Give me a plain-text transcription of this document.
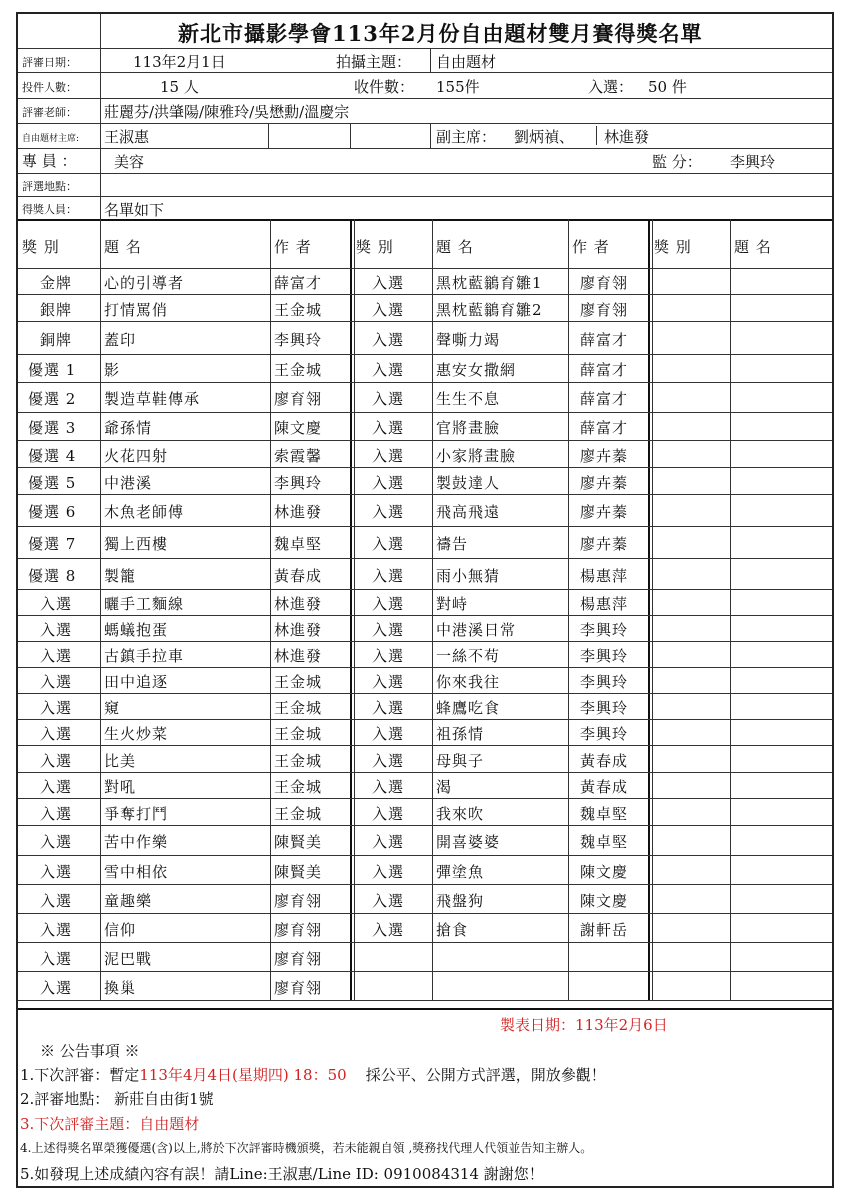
新北市攝影學會113年2月份自由題材雙月賽得獎名單
評審日期：	113年2月1日	拍攝主題： 自由題材
投件人數：	15 人	收件數： 155件	入選： 50 件
評審老師： 莊麗芬/洪肇陽/陳雅玲/吳懋勳/溫慶宗
自由題材主席: 王淑惠	副主席： 劉炳禎、 林進發
專 員 ： 美容	監 分： 李興玲
評選地點：
得獎人員： 名單如下
獎 別	題 名	作 者	獎 別	題 名	作 者	獎 別	題 名
金牌 心的引導者	薛富才	入選 黑枕藍鶲育雛1 廖育翎
銀牌 打情罵俏	王金城	入選 黑枕藍鶲育雛2 廖育翎
銅牌 蓋印	李興玲	入選 聲嘶力竭	薛富才
優選 1 影	王金城	入選 惠安女撒網	薛富才
優選 2 製造草鞋傳承	廖育翎	入選 生生不息	薛富才
優選 3 爺孫情	陳文慶	入選 官將畫臉	薛富才
優選 4 火花四射	索霞馨	入選 小家將畫臉	廖卉蓁
優選 5 中港溪	李興玲	入選 製鼓達人	廖卉蓁
優選 6 木魚老師傅	林進發	入選 飛高飛遠	廖卉蓁
優選 7 獨上西樓	魏卓堅	入選 禱告	廖卉蓁
優選 8 製籠	黃春成	入選 雨小無猜	楊惠萍
入選 曬手工麵線	林進發	入選 對峙	楊惠萍
入選 螞蟻抱蛋	林進發	入選 中港溪日常	李興玲
入選 古鎮手拉車	林進發	入選 一絲不苟	李興玲
入選 田中追逐	王金城	入選 你來我往	李興玲
入選 窺	王金城	入選 蜂鷹吃食	李興玲
入選 生火炒菜	王金城	入選 祖孫情	李興玲
入選 比美	王金城	入選 母與子	黃春成
入選 對吼	王金城	入選 渴	黃春成
入選 爭奪打鬥	王金城	入選 我來吹	魏卓堅
入選 苦中作樂	陳賢美	入選 開喜婆婆	魏卓堅
入選 雪中相依	陳賢美	入選 彈塗魚	陳文慶
入選 童趣樂	廖育翎	入選 飛盤狗	陳文慶
入選 信仰	廖育翎	入選 搶食	謝軒岳
入選 泥巴戰	廖育翎
入選 換巢	廖育翎
製表日期：113年2月6日
※ 公告事項 ※
1.下次評審：暫定113年4月4日(星期四) 18：50 採公平、公開方式評選，開放參觀！
2.評審地點： 新莊自由街1號
3.下次評審主題：自由題材
4.上述得獎名單榮獲優選(含)以上,將於下次評審時機頒獎，若未能親自領 ,獎務找代理人代領並告知主辦人。
5.如發現上述成績內容有誤！請Line:王淑惠/Line ID: 0910084314 謝謝您！
